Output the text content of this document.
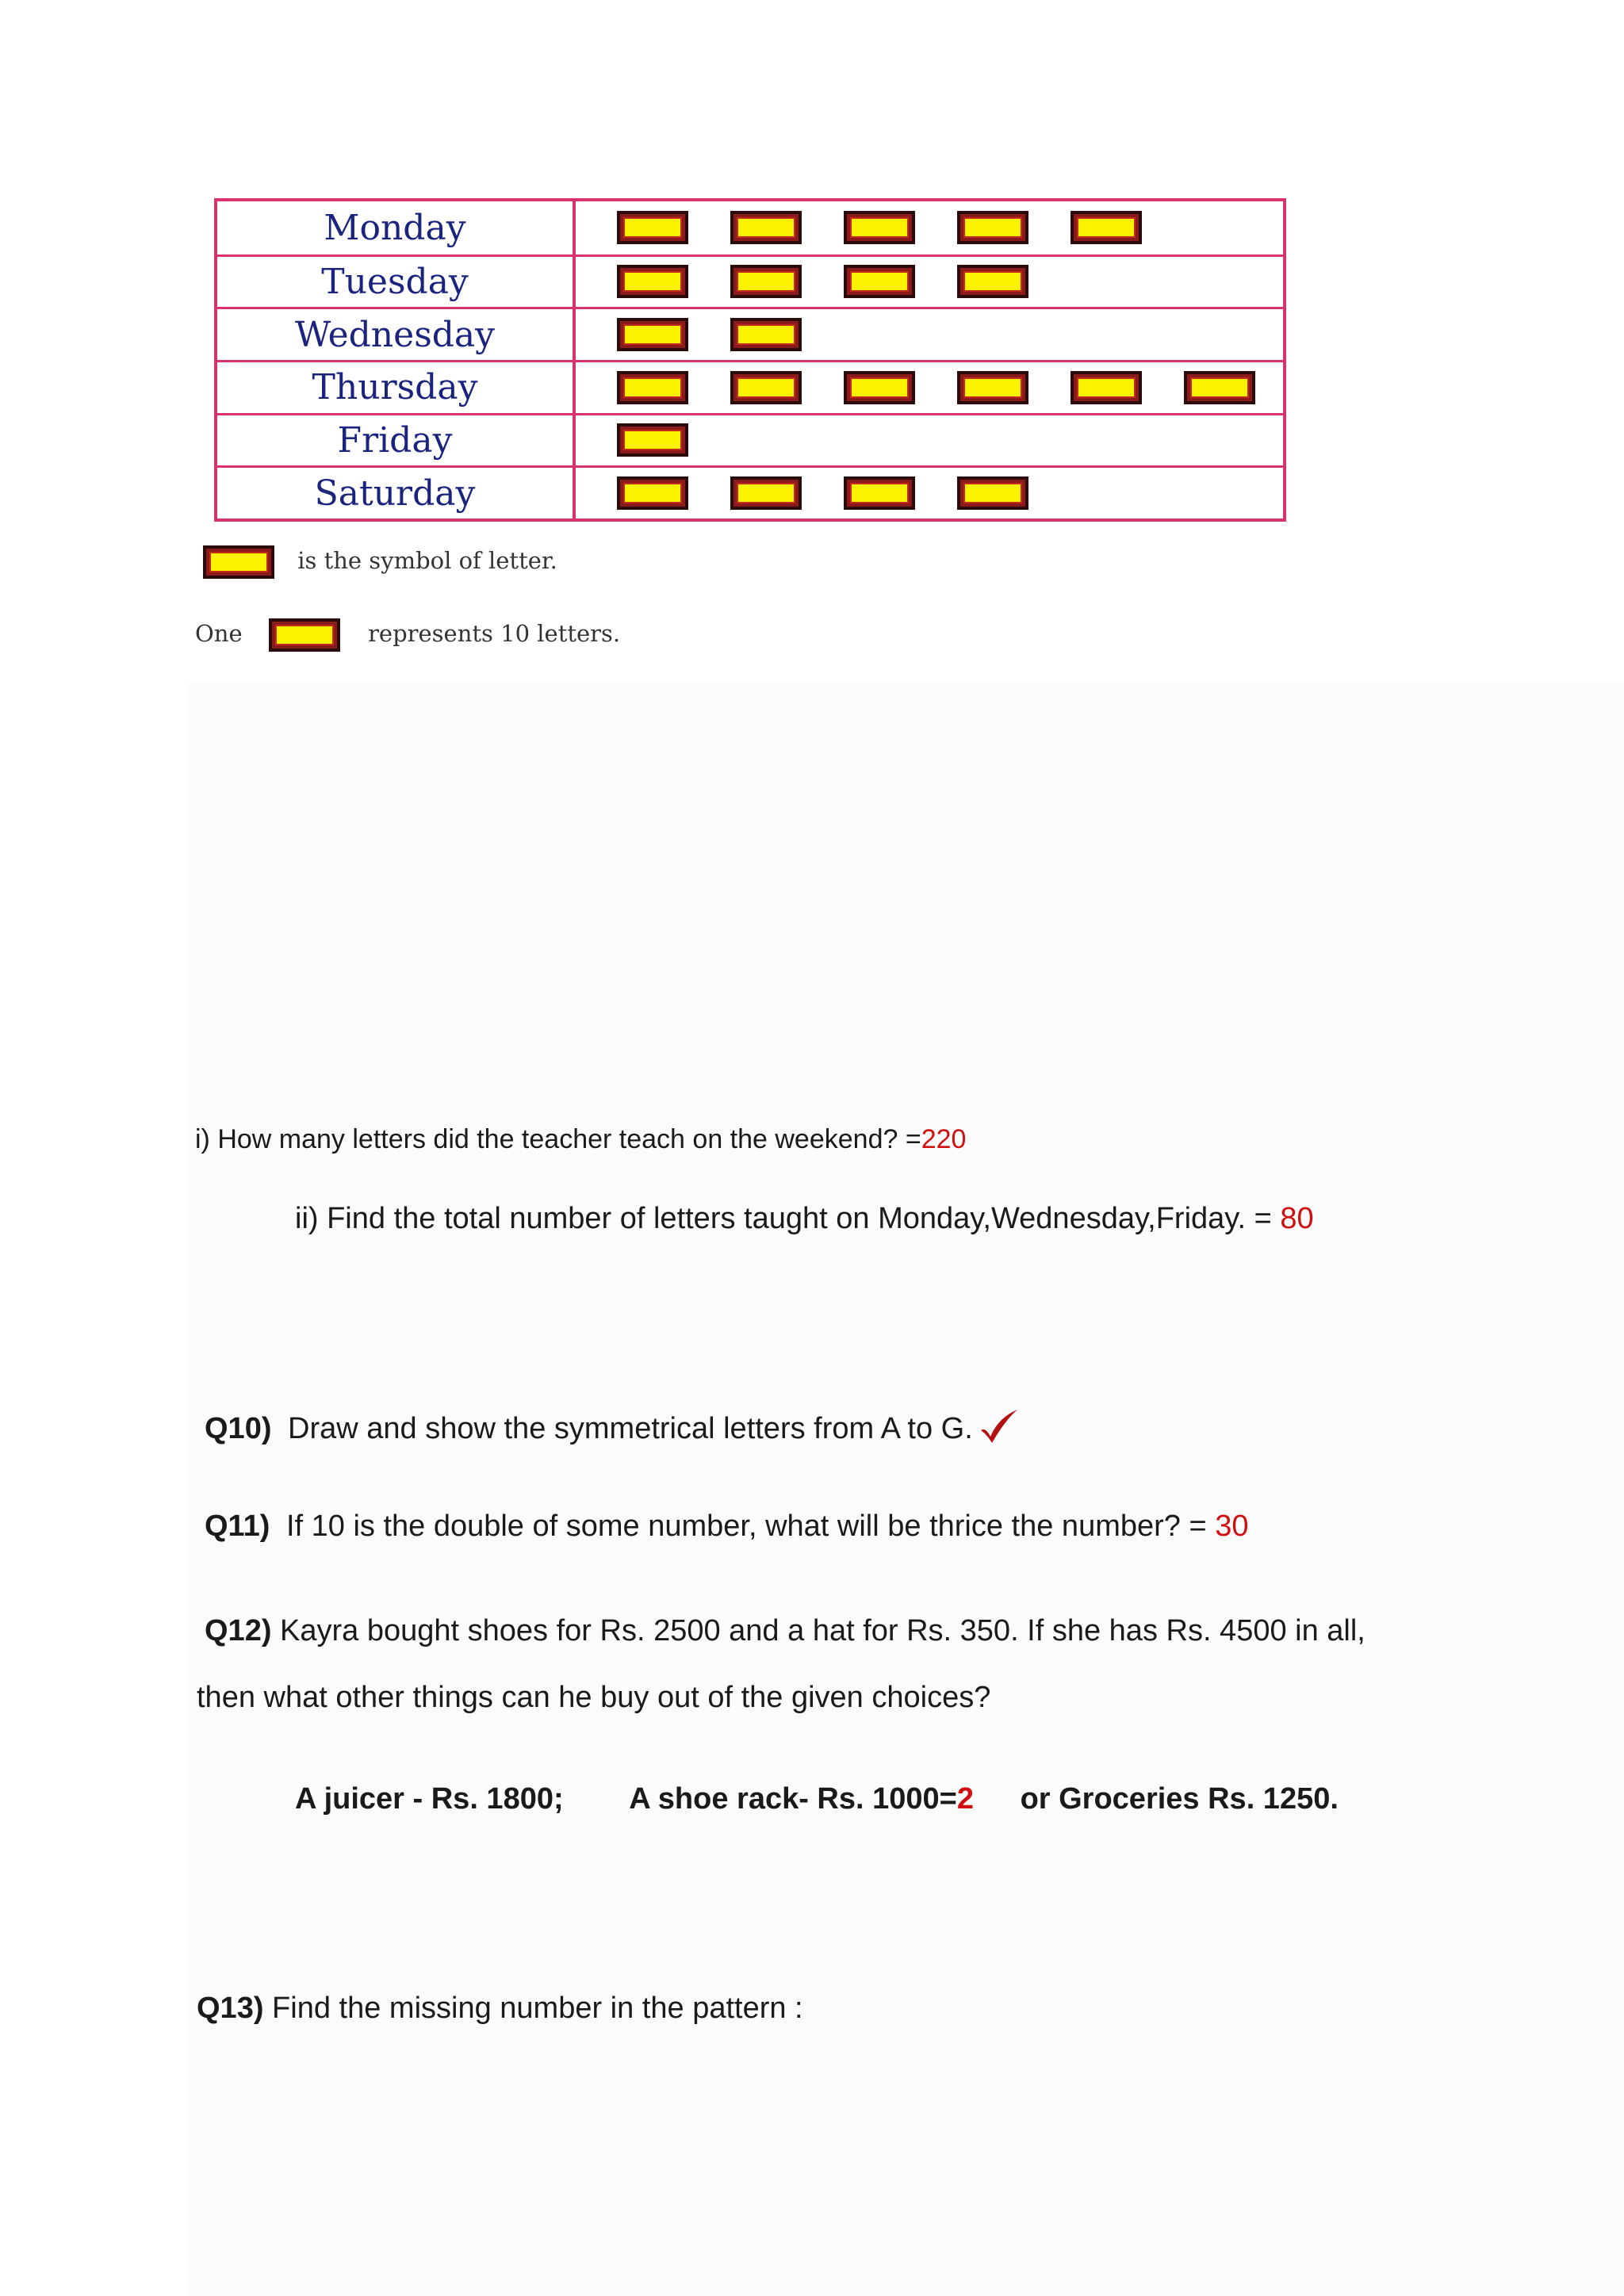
Monday
Tuesday
Wednesday
Thursday
Friday
Saturday
is the symbol of letter.
One	represents 10 letters.
i) How many letters did the teacher teach on the weekend? =220
ii) Find the total number of letters taught on Monday,Wednesday,Friday. = 80
Q10) Draw and show the symmetrical letters from A to G.
Q11) If 10 is the double of some number, what will be thrice the number? = 30
Q12) Kayra bought shoes for Rs. 2500 and a hat for Rs. 350. If she has Rs. 4500 in all,
then what other things can he buy out of the given choices?
A juicer - Rs. 1800; A shoe rack- Rs. 1000=2 or Groceries Rs. 1250.
Q13) Find the missing number in the pattern :
